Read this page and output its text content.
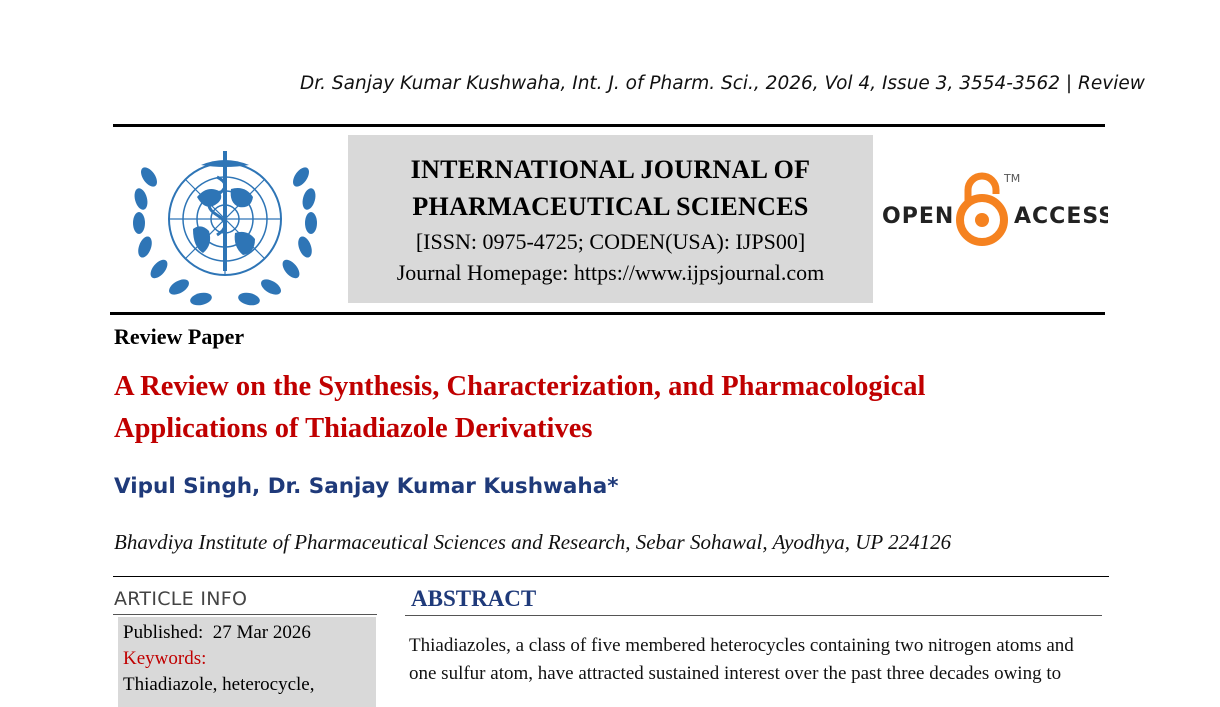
Dr. Sanjay Kumar Kushwaha, Int. J. of Pharm. Sci., 2026, Vol 4, Issue 3, 3554-3562 | Review
INTERNATIONAL JOURNAL OF
PHARMACEUTICAL SCIENCES
[ISSN: 0975-4725; CODEN(USA): IJPS00]
Journal Homepage: https://www.ijpsjournal.com
OPEN	ACCESS
TM
Review Paper
A Review on the Synthesis, Characterization, and Pharmacological
Applications of Thiadiazole Derivatives
Vipul Singh, Dr. Sanjay Kumar Kushwaha*
Bhavdiya Institute of Pharmaceutical Sciences and Research, Sebar Sohawal, Ayodhya, UP 224126
ARTICLE INFO
Published: 27 Mar 2026
Keywords:
Thiadiazole, heterocycle,
ABSTRACT
Thiadiazoles, a class of five membered heterocycles containing two nitrogen atoms and
one sulfur atom, have attracted sustained interest over the past three decades owing to
